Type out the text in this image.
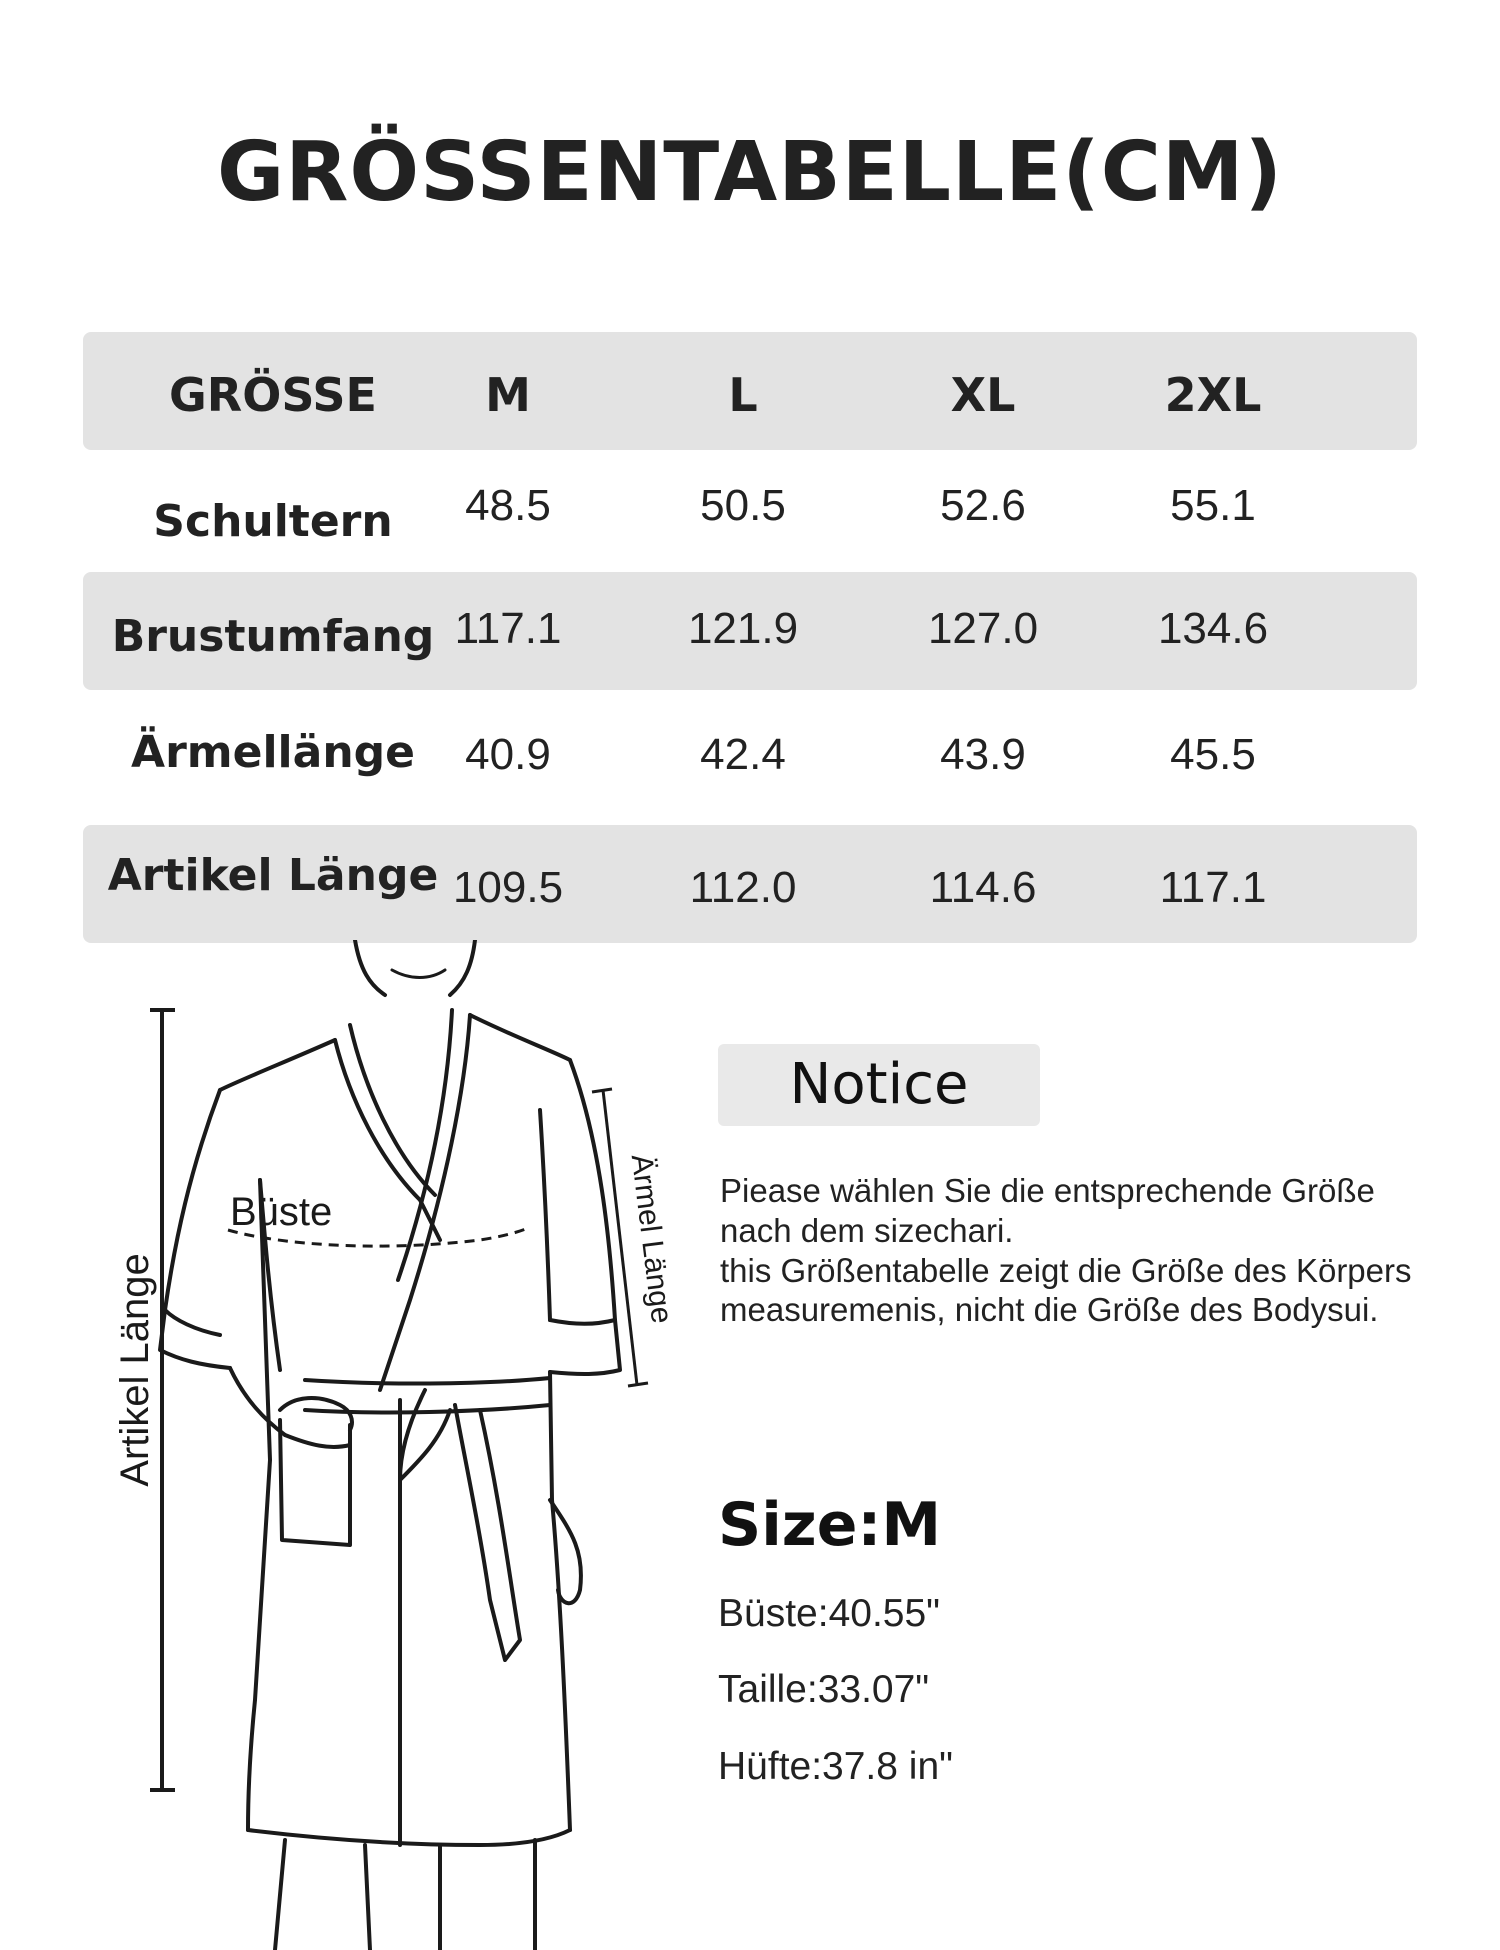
GRÖSSENTABELLE(CM)
GRÖSSE	M	L	XL	2XL
Schultern	48.5	50.5	52.6	55.1
Brustumfang 117.1	121.9	127.0	134.6
Ärmellänge	40.9	42.4	43.9	45.5
Artikel Länge 109.5	112.0	114.6	117.1
Büste
Artikel Länge
Ärmel Länge
Notice
Piease wählen Sie die entsprechende Größe
nach dem sizechari.
this Größentabelle zeigt die Größe des Körpers
measuremenis, nicht die Größe des Bodysui.
Size:M
Büste:40.55"
Taille:33.07"
Hüfte:37.8 in"
